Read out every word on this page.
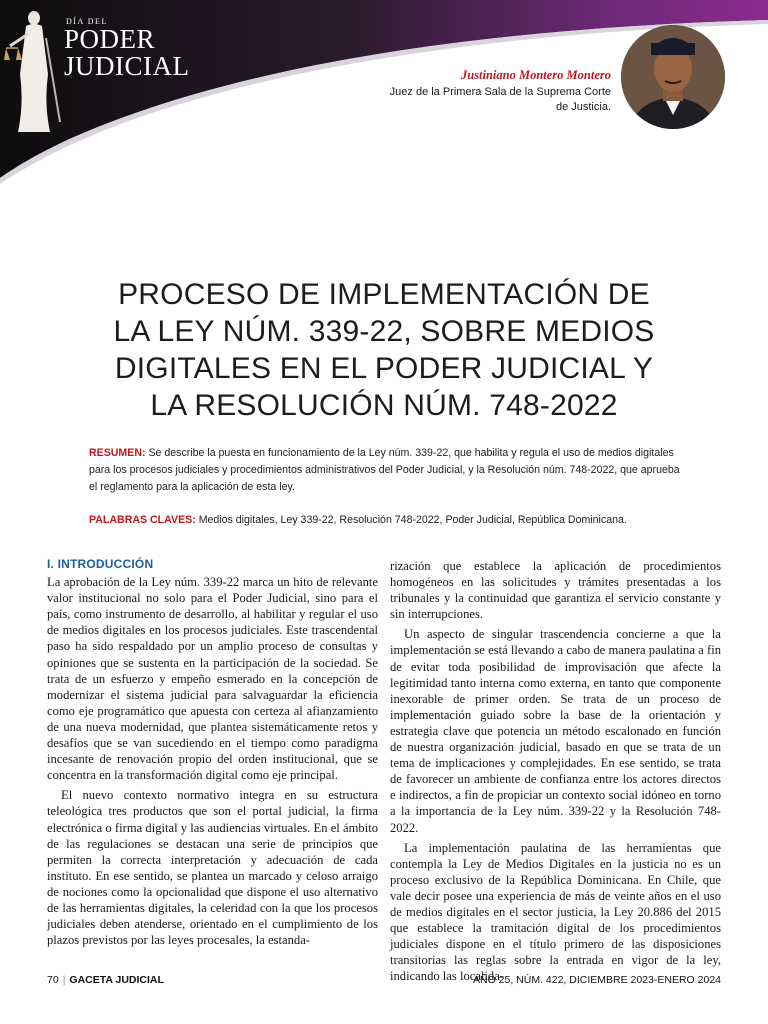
DÍA DEL
PODER
JUDICIAL	Justiniano Montero Montero

Juez de la Primera Sala de la Suprema Corte
de Justicia.

PROCESO DE IMPLEMENTACIÓN DE
LA LEY NÚM. 339-22, SOBRE MEDIOS
DIGITALES EN EL PODER JUDICIAL Y
LA RESOLUCIÓN NÚM. 748-2022

RESUMEN: Se describe la puesta en funcionamiento de la Ley núm. 339-22, que habilita y regula el uso de medios digitales para los procesos judiciales y procedimientos administrativos del Poder Judicial, y la Resolución núm. 748-2022, que aprueba el reglamento para la aplicación de esta ley.

PALABRAS CLAVES: Medios digitales, Ley 339-22, Resolución 748-2022, Poder Judicial, República Dominicana.

I. INTRODUCCIÓN

La aprobación de la Ley núm. 339-22 marca un hito de relevante valor institucional no solo para el Poder Judicial, sino para el país, como instrumento de desarrollo, al habilitar y regular el uso de medios digitales en los procesos judiciales. Este trascendental paso ha sido respaldado por un amplio proceso de consultas y opiniones que se sustenta en la participación de la sociedad. Se trata de un esfuerzo y empeño esmerado en la concepción de modernizar el sistema judicial para salvaguardar la eficiencia como eje programático que apuesta con certeza al afianzamiento de una nueva modernidad, que plantea sistemáticamente retos y desafíos que se van sucediendo en el tiempo como paradigma incesante de renovación propio del orden institucional, que se concentra en la transformación digital como eje principal.

El nuevo contexto normativo integra en su estructura teleológica tres productos que son el portal judicial, la firma electrónica o firma digital y las audiencias virtuales. En el ámbito de las regulaciones se destacan una serie de principios que permiten la correcta interpretación y adecuación de cada instituto. En ese sentido, se plantea un marcado y celoso arraigo de nociones como la opcionalidad que dispone el uso alternativo de las herramientas digitales, la celeridad con la que los procesos judiciales deben atenderse, orientado en el cumplimiento de los plazos previstos por las leyes procesales, la estanda-

rización que establece la aplicación de procedimientos homogéneos en las solicitudes y trámites presentadas a los tribunales y la continuidad que garantiza el servicio constante y sin interrupciones.

Un aspecto de singular trascendencia concierne a que la implementación se está llevando a cabo de manera paulatina a fin de evitar toda posibilidad de improvisación que afecte la legitimidad tanto interna como externa, en tanto que componente inexorable de primer orden. Se trata de un proceso de implementación guiado sobre la base de la orientación y estrategia clave que potencia un método escalonado en función de nuestra organización judicial, basado en que se trata de un tema de implicaciones y complejidades. En ese sentido, se trata de favorecer un ambiente de confianza entre los actores directos e indirectos, a fin de propiciar un contexto social idóneo en torno a la importancia de la Ley núm. 339-22 y la Resolución 748-2022.

La implementación paulatina de las herramientas que contempla la Ley de Medios Digitales en la justicia no es un proceso exclusivo de la República Dominicana. En Chile, que vale decir posee una experiencia de más de veinte años en el uso de medios digitales en el sector justicia, la Ley 20.886 del 2015 que establece la tramitación digital de los procedimientos judiciales dispone en el título primero de las disposiciones transitorias las reglas sobre la entrada en vigor de la ley, indicando las localida-

70 | GACETA JUDICIAL	AÑO 25, NÚM. 422, DICIEMBRE 2023-ENERO 2024
